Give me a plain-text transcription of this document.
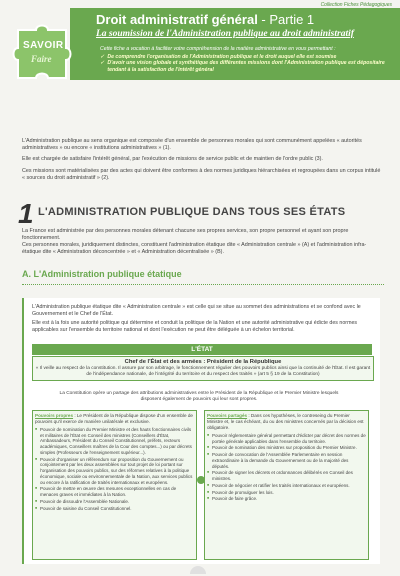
Collection Fiches Pédagogiques
Droit administratif général - Partie 1
La soumission de l'Administration publique au droit administratif

Cette fiche a vocation à faciliter votre compréhension de la matière administrative en vous permettant :

✓ De comprendre l'organisation de l'Administration publique et le droit auquel elle est soumise
✓ D'avoir une vision globale et synthétique des différentes missions dont l'Administration publique est dépositaire tendant à la satisfaction de l'intérêt général
SAVOIR
Faire
L'Administration publique au sens organique est composée d'un ensemble de personnes morales qui sont communément appelées « autorités administratives » ou encore « institutions administratives » (1).
Elle est chargée de satisfaire l'intérêt général, par l'exécution de missions de service public et de maintien de l'ordre public (3).
Ces missions sont matérialisées par des actes qui doivent être conformes à des normes juridiques hiérarchisées et regroupées dans un corpus intitulé « sources du droit administratif » (2).
1 L'ADMINISTRATION PUBLIQUE DANS TOUS SES ÉTATS
La France est administrée par des personnes morales détenant chacune ses propres services, son propre personnel et ayant son propre fonctionnement.
Ces personnes morales, juridiquement distinctes, constituent l'administration étatique dite « Administration centrale » (A) et l'administration infra-étatique dite « Administration déconcentrée » et « Administration décentralisée » (B).
A. L'Administration publique étatique
L'Administration publique étatique dite « Administration centrale » est celle qui se situe au sommet des administrations et se confond avec le Gouvernement et le Chef de l'État.
Elle est à la fois une autorité politique qui détermine et conduit la politique de la Nation et une autorité administrative qui édicte des normes applicables sur l'ensemble du territoire national et dont l'exécution ne peut être déléguée à un échelon territorial.
L'ÉTAT
Chef de l'État et des armées : Président de la République
« Il veille au respect de la constitution. Il assure par son arbitrage, le fonctionnement régulier des pouvoirs publics ainsi que la continuité de l'État. Il est garant de l'indépendance nationale, de l'intégrité du territoire et du respect des traités » (art 5 § 19 de la Constitution)
La Constitution opère un partage des attributions administratives entre le Président de la République et le Premier Ministre lesquels disposent également de pouvoirs qui leur sont propres.
Pouvoirs propres : Le Président de la République dispose d'un ensemble de pouvoirs qu'il exerce de manière unilatérale et exclusive.
■ Pouvoir de nomination du Premier Ministre et des hauts fonctionnaires civils et militaires de l'État en Conseil des ministres (Conseillers d'État, Ambassadeurs, Président du Conseil Constitutionnel, préfets, recteurs académiques, Conseillers maîtres de la Cour des comptes...) ou par décrets simples (Professeurs de l'enseignement supérieur...).
■ Pouvoir d'organiser un référendum sur proposition du Gouvernement ou conjointement par les deux assemblées sur tout projet de loi portant sur l'organisation des pouvoirs publics, sur des réformes relatives à la politique économique, sociale ou environnementale de la Nation, aux services publics ou encore à la ratification de traités internationaux et européens.
■ Pouvoir de mettre en œuvre des mesures exceptionnelles en cas de menaces graves et immédiates à la Nation.
■ Pouvoir de dissoudre l'Assemblée Nationale.
■ Pouvoir de saisine du Conseil Constitutionnel.
Pouvoirs partagés : Dans ces hypothèses, le contreseing du Premier Ministre et, le cas échéant, du ou des ministres concernés par la décision est obligatoire.
■ Pouvoir réglementaire général permettant d'édicter par décret des normes de portée générale applicables dans l'ensemble du territoire.
■ Pouvoir de nomination des ministres sur proposition du Premier Ministre.
■ Pouvoir de convocation de l'Assemblée Parlementaire en session extraordinaire à la demande du Gouvernement ou de la majorité des députés.
■ Pouvoir de signer les décrets et ordonnances délibérés en Conseil des ministres.
■ Pouvoir de négocier et ratifier les traités internationaux et européens.
■ Pouvoir de promulguer les lois.
■ Pouvoir de faire grâce.
